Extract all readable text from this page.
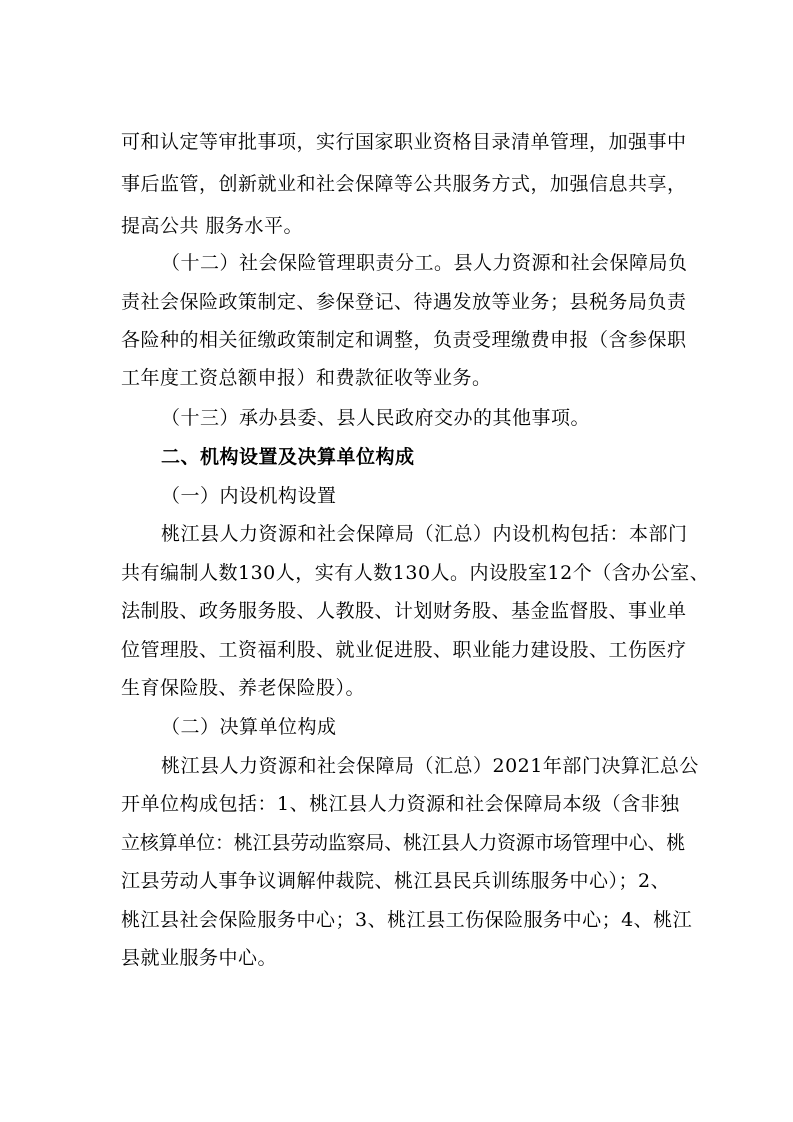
可和认定等审批事项，实行国家职业资格目录清单管理，加强事中
事后监管，创新就业和社会保障等公共服务方式，加强信息共享，
提高公共 服务水平。
（十二）社会保险管理职责分工。县人力资源和社会保障局负
责社会保险政策制定、参保登记、待遇发放等业务；县税务局负责
各险种的相关征缴政策制定和调整，负责受理缴费申报（含参保职
工年度工资总额申报）和费款征收等业务。
（十三）承办县委、县人民政府交办的其他事项。
二、机构设置及决算单位构成
（一）内设机构设置
桃江县人力资源和社会保障局（汇总）内设机构包括：本部门
共有编制人数130人，实有人数130人。内设股室12个（含办公室、
法制股、政务服务股、人教股、计划财务股、基金监督股、事业单
位管理股、工资福利股、就业促进股、职业能力建设股、工伤医疗
生育保险股、养老保险股）。
（二）决算单位构成
桃江县人力资源和社会保障局（汇总）2021年部门决算汇总公
开单位构成包括：1、桃江县人力资源和社会保障局本级（含非独
立核算单位：桃江县劳动监察局、桃江县人力资源市场管理中心、桃
江县劳动人事争议调解仲裁院、桃江县民兵训练服务中心）；2、
桃江县社会保险服务中心；3、桃江县工伤保险服务中心；4、桃江
县就业服务中心。
